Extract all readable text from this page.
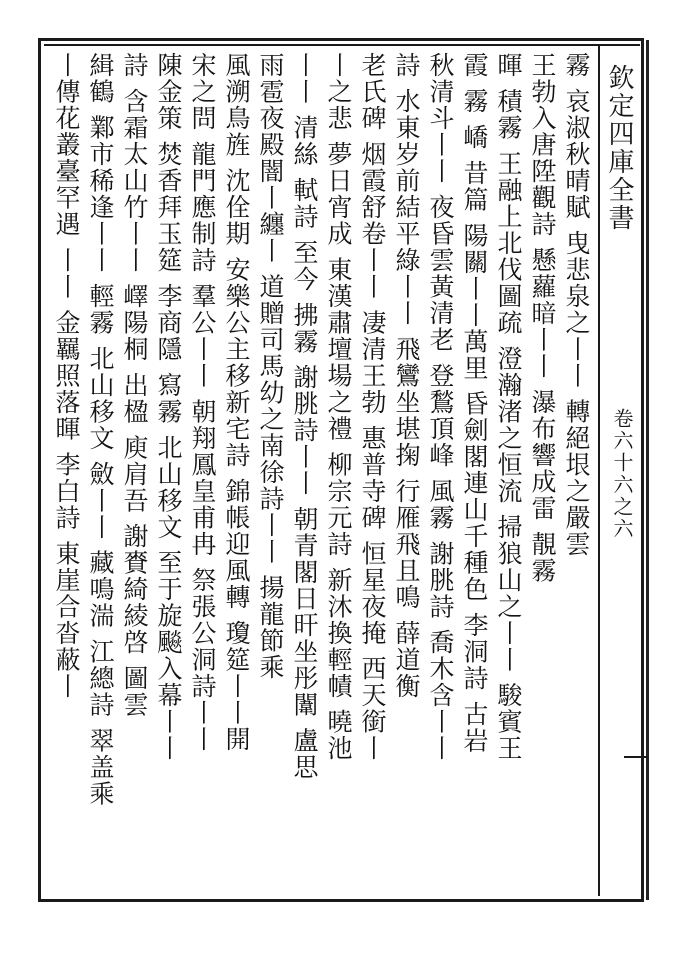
欽定四庫全書
卷六十六之六
霧 哀淑秋晴賦 曳悲泉之丨丨 轉絕垠之嚴雲
王勃入唐陞觀詩 懸蘿暗丨丨 瀑布響成雷 靚霧
暉 積霧 王融上北伐圖疏 澄瀚渚之恒流 掃狼山之丨丨 駿賓王
霞 霧 嶠 昔篇 陽關丨丨萬里 昏劍閣連山千種色 李洞詩 古岩
秋清斗丨丨 夜昏雲黃清老 登鶖頂峰 風霧 謝朓詩 喬木含丨丨
詩 水東岁前結平綠丨丨 飛鸞坐堪掬 行雁飛且鳴 薛道衡
老氏碑 烟霞舒卷丨丨 凄清王勃 惠普寺碑 恒星夜掩 西天銜丨
丨之悲 夢日宵成 東漢肅壇場之禮 柳宗元詩 新沐換輕幘 曉池
丨丨 清絲 軾詩 至今 拂霧 謝朓詩丨丨 朝青閣日旰坐彤闈 盧思
雨雹夜殿闇丨纏丨 道贈司馬幼之南徐詩丨丨 揚龍節乘
風溯鳥旌 沈佺期 安樂公主移新宅詩 錦帳迎風轉 瓊筵丨丨開
宋之問 龍門應制詩 羣公丨丨 朝翔鳳皇甫冉 祭張公洞詩丨丨
陳金策 焚香拜玉筵 李商隱 寫霧 北山移文 至于旋飈入幕丨丨
詩 含霜太山竹丨丨 嶧陽桐 出楹 庾肩吾 謝賚綺綾啓 圖雲
緝鶴 鄴市稀逢丨丨 輕霧 北山移文 斂丨丨 藏鳴湍 江總詩 翠盖乘
丨傳花叢臺罕遇 丨丨 金羈照落暉 李白詩 東崖合沓蔽丨
